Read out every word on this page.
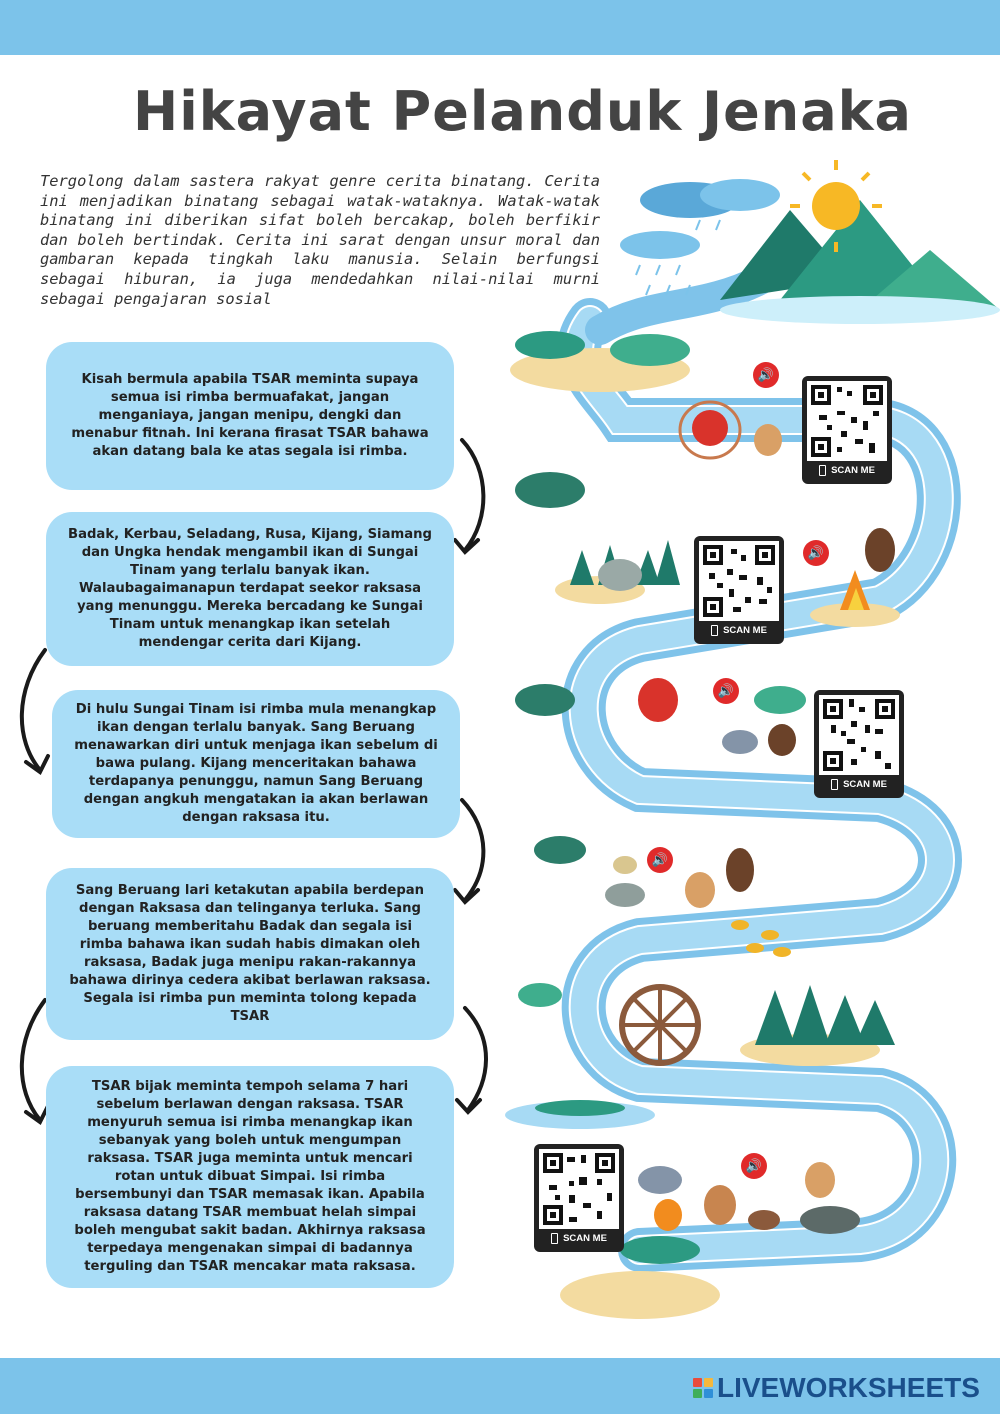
Hikayat Pelanduk Jenaka
Tergolong dalam sastera rakyat genre cerita binatang. Cerita ini menjadikan binatang sebagai watak-wataknya. Watak-watak binatang ini diberikan sifat boleh bercakap, boleh berfikir dan boleh bertindak. Cerita ini sarat dengan unsur moral dan gambaran kepada tingkah laku manusia. Selain berfungsi sebagai hiburan, ia juga mendedahkan nilai-nilai murni sebagai pengajaran sosial
Kisah bermula apabila TSAR meminta supaya semua isi rimba bermuafakat, jangan menganiaya, jangan menipu, dengki dan menabur fitnah. Ini kerana firasat TSAR bahawa akan datang bala ke atas segala isi rimba.
Badak, Kerbau, Seladang, Rusa, Kijang, Siamang dan Ungka hendak mengambil ikan di Sungai Tinam yang terlalu banyak ikan. Walaubagaimanapun terdapat seekor raksasa yang menunggu. Mereka bercadang ke Sungai Tinam untuk menangkap ikan setelah mendengar cerita dari Kijang.
Di hulu Sungai Tinam isi rimba mula menangkap ikan dengan terlalu banyak. Sang Beruang menawarkan diri untuk menjaga ikan sebelum di bawa pulang. Kijang menceritakan bahawa terdapanya penunggu, namun Sang Beruang dengan angkuh mengatakan ia akan berlawan dengan raksasa itu.
Sang Beruang lari ketakutan apabila berdepan dengan Raksasa dan telinganya terluka. Sang beruang memberitahu Badak dan segala isi rimba bahawa ikan sudah habis dimakan oleh raksasa, Badak juga menipu rakan-rakannya bahawa dirinya cedera akibat berlawan raksasa. Segala isi rimba pun meminta tolong kepada TSAR
TSAR bijak meminta tempoh selama 7 hari sebelum berlawan dengan raksasa. TSAR menyuruh semua isi rimba menangkap ikan sebanyak yang boleh untuk mengumpan raksasa. TSAR juga meminta untuk mencari rotan untuk dibuat Simpai. Isi rimba bersembunyi dan TSAR memasak ikan. Apabila raksasa datang TSAR membuat helah simpai boleh mengubat sakit badan. Akhirnya raksasa terpedaya mengenakan simpai di badannya terguling dan TSAR mencakar mata raksasa.
SCAN ME
SCAN ME
SCAN ME
SCAN ME
🔊
🔊
🔊
🔊
🔊
LIVEWORKSHEETS
